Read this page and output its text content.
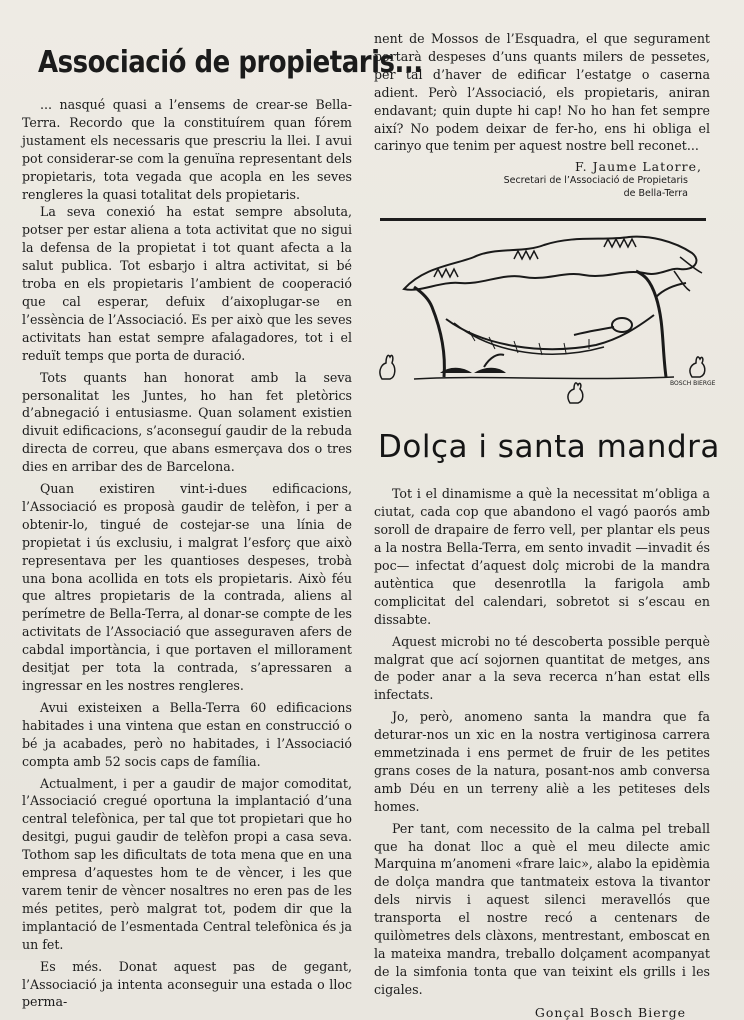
Associació de propietaris...

... nasqué quasi a l’ensems de crear-se Bella-Terra. Recordo que la constituírem quan fórem justament els necessaris que prescriu la llei. I avui pot considerar-se com la genuïna representant dels propietaris, tota vegada que acopla en les seves rengleres la quasi totalitat dels propietaris.

La seva conexió ha estat sempre absoluta, potser per estar aliena a tota activitat que no sigui la defensa de la propietat i tot quant afecta a la salut publica. Tot esbarjo i altra activitat, si bé troba en els propietaris l’ambient de cooperació que cal esperar, defuix d’aixoplugar-se en l’essència de l’Associació. Es per això que les seves activitats han estat sempre afalagadores, tot i el reduït temps que porta de duració.

Tots quants han honorat amb la seva personalitat les Juntes, ho han fet pletòrics d’abnegació i entusiasme. Quan solament existien divuit edificacions, s’aconseguí gaudir de la rebuda directa de correu, que abans esmerçava dos o tres dies en arribar des de Barcelona.

Quan existiren vint-i-dues edificacions, l’Associació es proposà gaudir de telèfon, i per a obtenir-lo, tingué de costejar-se una línia de propietat i ús exclusiu, i malgrat l’esforç que això representava per les quantioses despeses, trobà una bona acollida en tots els propietaris. Això féu que altres propietaris de la contrada, aliens al perímetre de Bella-Terra, al donar-se compte de les activitats de l’Associació que asseguraven afers de cabdal importància, i que portaven el millorament desitjat per tota la contrada, s’apressaren a ingressar en les nostres rengleres.

Avui existeixen a Bella-Terra 60 edificacions habitades i una vintena que estan en construcció o bé ja acabades, però no habitades, i l’Associació compta amb 52 socis caps de família.

Actualment, i per a gaudir de major comoditat, l’Associació cregué oportuna la implantació d’una central telefònica, per tal que tot propietari que ho desitgi, pugui gaudir de telèfon propi a casa seva. Tothom sap les dificultats de tota mena que en una empresa d’aquestes hom te de vèncer, i les que varem tenir de vèncer nosaltres no eren pas de les més petites, però malgrat tot, podem dir que la implantació de l’esmentada Central telefònica és ja un fet.

Es més. Donat aquest pas de gegant, l’Associació ja intenta aconseguir una estada o lloc perma-

nent de Mossos de l’Esquadra, el que segurament portarà despeses d’uns quants milers de pessetes, per tal d’haver de edificar l’estatge o caserna adient. Però l’Associació, els propietaris, aniran endavant; quin dupte hi cap! No ho han fet sempre així? No podem deixar de fer-ho, ens hi obliga el carinyo que tenim per aquest nostre bell reconet...

F. Jaume Latorre,
Secretari de l’Associació de Propietaris
de Bella-Terra
BOSCH BIERGE
Dolça i santa mandra

Tot i el dinamisme a què la necessitat m’obliga a ciutat, cada cop que abandono el vagó paorós amb soroll de drapaire de ferro vell, per plantar els peus a la nostra Bella-Terra, em sento invadit —invadit és poc— infectat d’aquest dolç microbi de la mandra autèntica que desenrotlla la farigola amb complicitat del calendari, sobretot si s’escau en dissabte.

Aquest microbi no té descoberta possible perquè malgrat que ací sojornen quantitat de metges, ans de poder anar a la seva recerca n’han estat ells infectats.

Jo, però, anomeno santa la mandra que fa deturar-nos un xic en la nostra vertiginosa carrera emmetzinada i ens permet de fruir de les petites grans coses de la natura, posant-nos amb conversa amb Déu en un terreny aliè a les petiteses dels homes.

Per tant, com necessito de la calma pel treball que ha donat lloc a què el meu dilecte amic Marquina m’anomeni «frare laic», alabo la epidèmia de dolça mandra que tantmateix estova la tivantor dels nirvis i aquest silenci meravellós que transporta el nostre recó a centenars de quilòmetres dels clàxons, mentrestant, emboscat en la mateixa mandra, treballo dolçament acompanyat de la simfonia tonta que van teixint els grills i les cigales.

Gonçal Bosch Bierge
